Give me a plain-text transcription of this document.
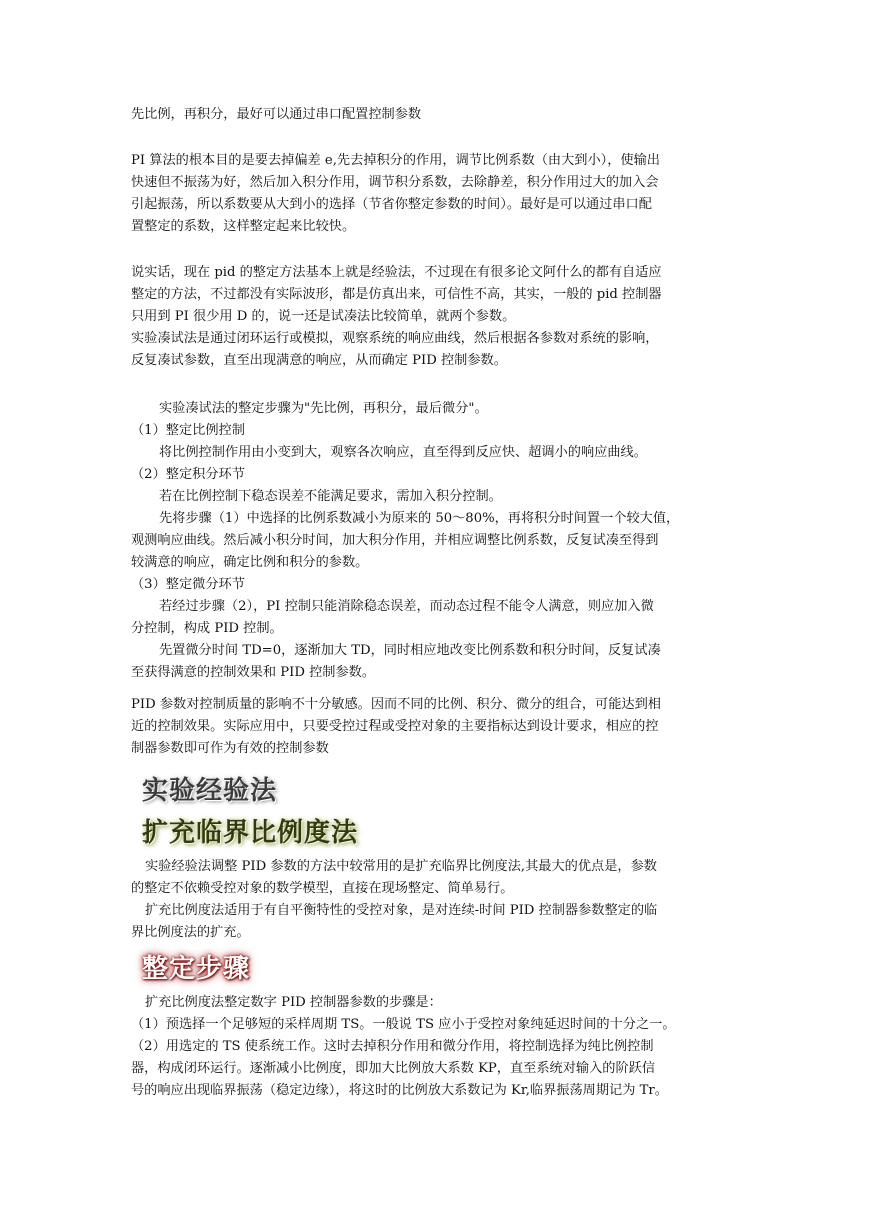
先比例，再积分，最好可以通过串口配置控制参数
PI 算法的根本目的是要去掉偏差 e,先去掉积分的作用，调节比例系数（由大到小），使输出
快速但不振荡为好，然后加入积分作用，调节积分系数，去除静差，积分作用过大的加入会
引起振荡，所以系数要从大到小的选择（节省你整定参数的时间）。最好是可以通过串口配
置整定的系数，这样整定起来比较快。
说实话，现在 pid 的整定方法基本上就是经验法，不过现在有很多论文阿什么的都有自适应
整定的方法，不过都没有实际波形，都是仿真出来，可信性不高，其实，一般的 pid 控制器
只用到 PI 很少用 D 的，说一还是试凑法比较简单，就两个参数。
实验凑试法是通过闭环运行或模拟，观察系统的响应曲线，然后根据各参数对系统的影响，
反复凑试参数，直至出现满意的响应，从而确定 PID 控制参数。
实验凑试法的整定步骤为"先比例，再积分，最后微分"。
（1）整定比例控制
将比例控制作用由小变到大，观察各次响应，直至得到反应快、超调小的响应曲线。
（2）整定积分环节
若在比例控制下稳态误差不能满足要求，需加入积分控制。
先将步骤（1）中选择的比例系数减小为原来的 50～80%，再将积分时间置一个较大值，
观测响应曲线。然后减小积分时间，加大积分作用，并相应调整比例系数，反复试凑至得到
较满意的响应，确定比例和积分的参数。
（3）整定微分环节
若经过步骤（2），PI 控制只能消除稳态误差，而动态过程不能令人满意，则应加入微
分控制，构成 PID 控制。
先置微分时间 TD=0，逐渐加大 TD，同时相应地改变比例系数和积分时间，反复试凑
至获得满意的控制效果和 PID 控制参数。
PID 参数对控制质量的影响不十分敏感。因而不同的比例、积分、微分的组合，可能达到相
近的控制效果。实际应用中，只要受控过程或受控对象的主要指标达到设计要求，相应的控
制器参数即可作为有效的控制参数
实验经验法
扩充临界比例度法
实验经验法调整 PID 参数的方法中较常用的是扩充临界比例度法,其最大的优点是，参数
的整定不依赖受控对象的数学模型，直接在现场整定、简单易行。
扩充比例度法适用于有自平衡特性的受控对象，是对连续-时间 PID 控制器参数整定的临
界比例度法的扩充。
整定步骤
扩充比例度法整定数字 PID 控制器参数的步骤是：
（1）预选择一个足够短的采样周期 TS。一般说 TS 应小于受控对象纯延迟时间的十分之一。
（2）用选定的 TS 使系统工作。这时去掉积分作用和微分作用，将控制选择为纯比例控制
器，构成闭环运行。逐渐减小比例度，即加大比例放大系数 KP，直至系统对输入的阶跃信
号的响应出现临界振荡（稳定边缘），将这时的比例放大系数记为 Kr,临界振荡周期记为 Tr。
